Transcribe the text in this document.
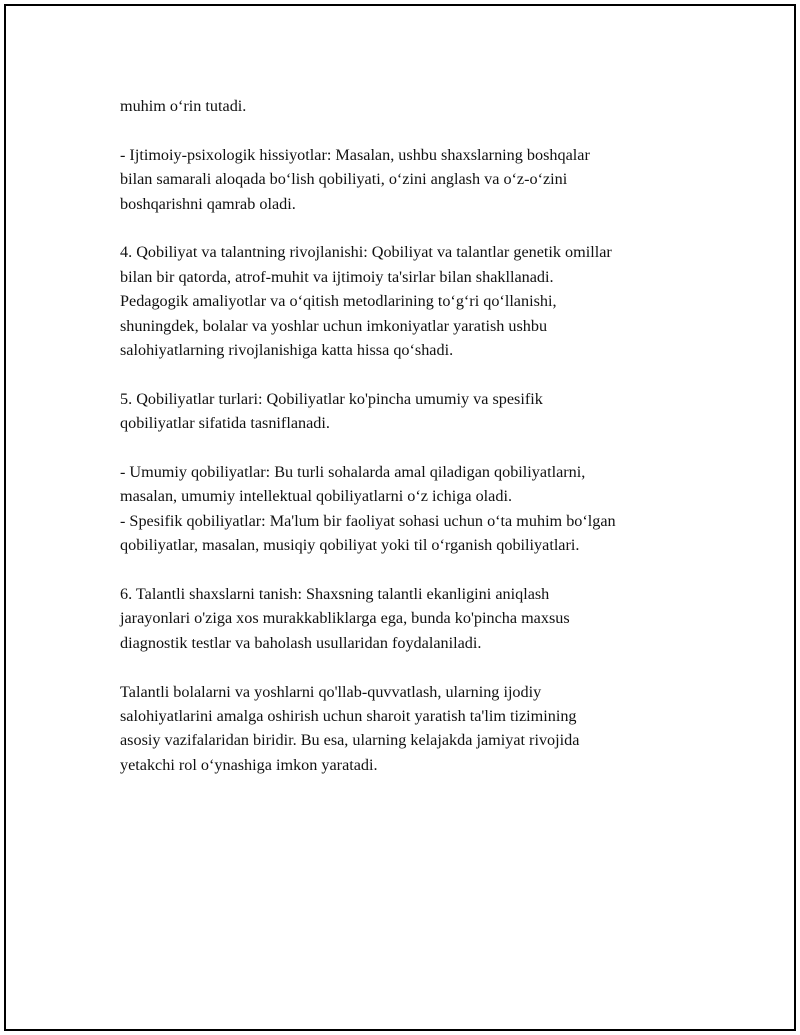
muhim o‘rin tutadi.

- Ijtimoiy-psixologik hissiyotlar: Masalan, ushbu shaxslarning boshqalar
bilan samarali aloqada bo‘lish qobiliyati, o‘zini anglash va o‘z-o‘zini
boshqarishni qamrab oladi.

4. Qobiliyat va talantning rivojlanishi: Qobiliyat va talantlar genetik omillar
bilan bir qatorda, atrof-muhit va ijtimoiy ta'sirlar bilan shakllanadi.
Pedagogik amaliyotlar va o‘qitish metodlarining to‘g‘ri qo‘llanishi,
shuningdek, bolalar va yoshlar uchun imkoniyatlar yaratish ushbu
salohiyatlarning rivojlanishiga katta hissa qo‘shadi.

5. Qobiliyatlar turlari: Qobiliyatlar ko'pincha umumiy va spesifik
qobiliyatlar sifatida tasniflanadi.

- Umumiy qobiliyatlar: Bu turli sohalarda amal qiladigan qobiliyatlarni,
masalan, umumiy intellektual qobiliyatlarni o‘z ichiga oladi.
- Spesifik qobiliyatlar: Ma'lum bir faoliyat sohasi uchun o‘ta muhim bo‘lgan
qobiliyatlar, masalan, musiqiy qobiliyat yoki til o‘rganish qobiliyatlari.

6. Talantli shaxslarni tanish: Shaxsning talantli ekanligini aniqlash
jarayonlari o'ziga xos murakkabliklarga ega, bunda ko'pincha maxsus
diagnostik testlar va baholash usullaridan foydalaniladi.

Talantli bolalarni va yoshlarni qo'llab-quvvatlash, ularning ijodiy
salohiyatlarini amalga oshirish uchun sharoit yaratish ta'lim tizimining
asosiy vazifalaridan biridir. Bu esa, ularning kelajakda jamiyat rivojida
yetakchi rol o‘ynashiga imkon yaratadi.
